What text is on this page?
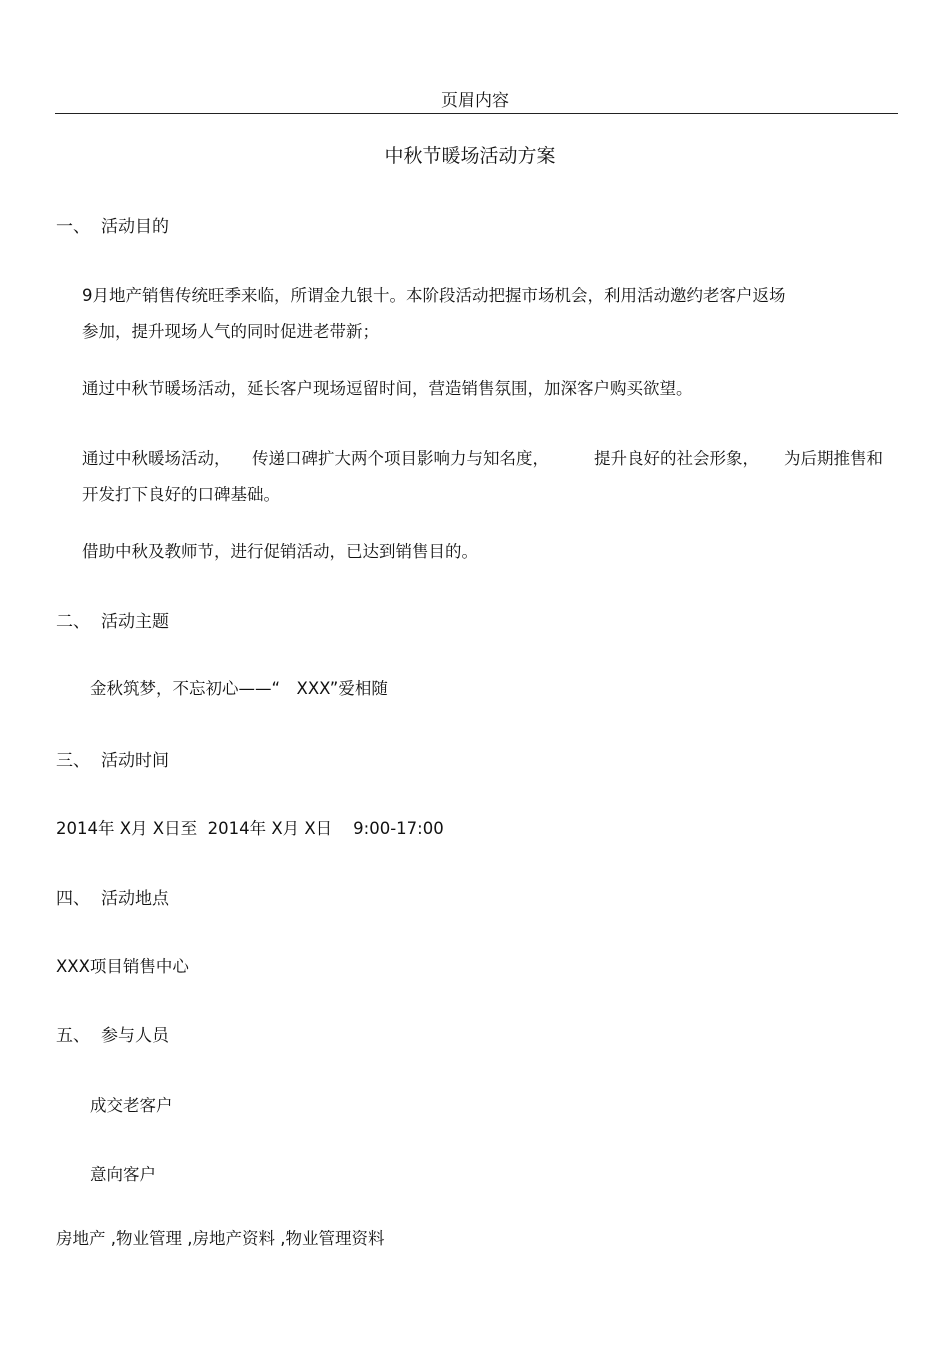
页眉内容
中秋节暖场活动方案
一、 活动目的
9月地产销售传统旺季来临，所谓金九银十。本阶段活动把握市场机会，利用活动邀约老客户返场
参加，提升现场人气的同时促进老带新；
通过中秋节暖场活动，延长客户现场逗留时间，营造销售氛围，加深客户购买欲望。
通过中秋暖场活动， 传递口碑扩大两个项目影响力与知名度，	提升良好的社会形象， 为后期推售和
开发打下良好的口碑基础。
借助中秋及教师节，进行促销活动，已达到销售目的。
二、 活动主题
金秋筑梦，不忘初心——“　XXX”爱相随
三、 活动时间
2014年 X月 X日至  2014年 X月 X日    9:00-17:00
四、 活动地点
XXX项目销售中心
五、 参与人员
成交老客户
意向客户
房地产 ,物业管理 ,房地产资料 ,物业管理资料
